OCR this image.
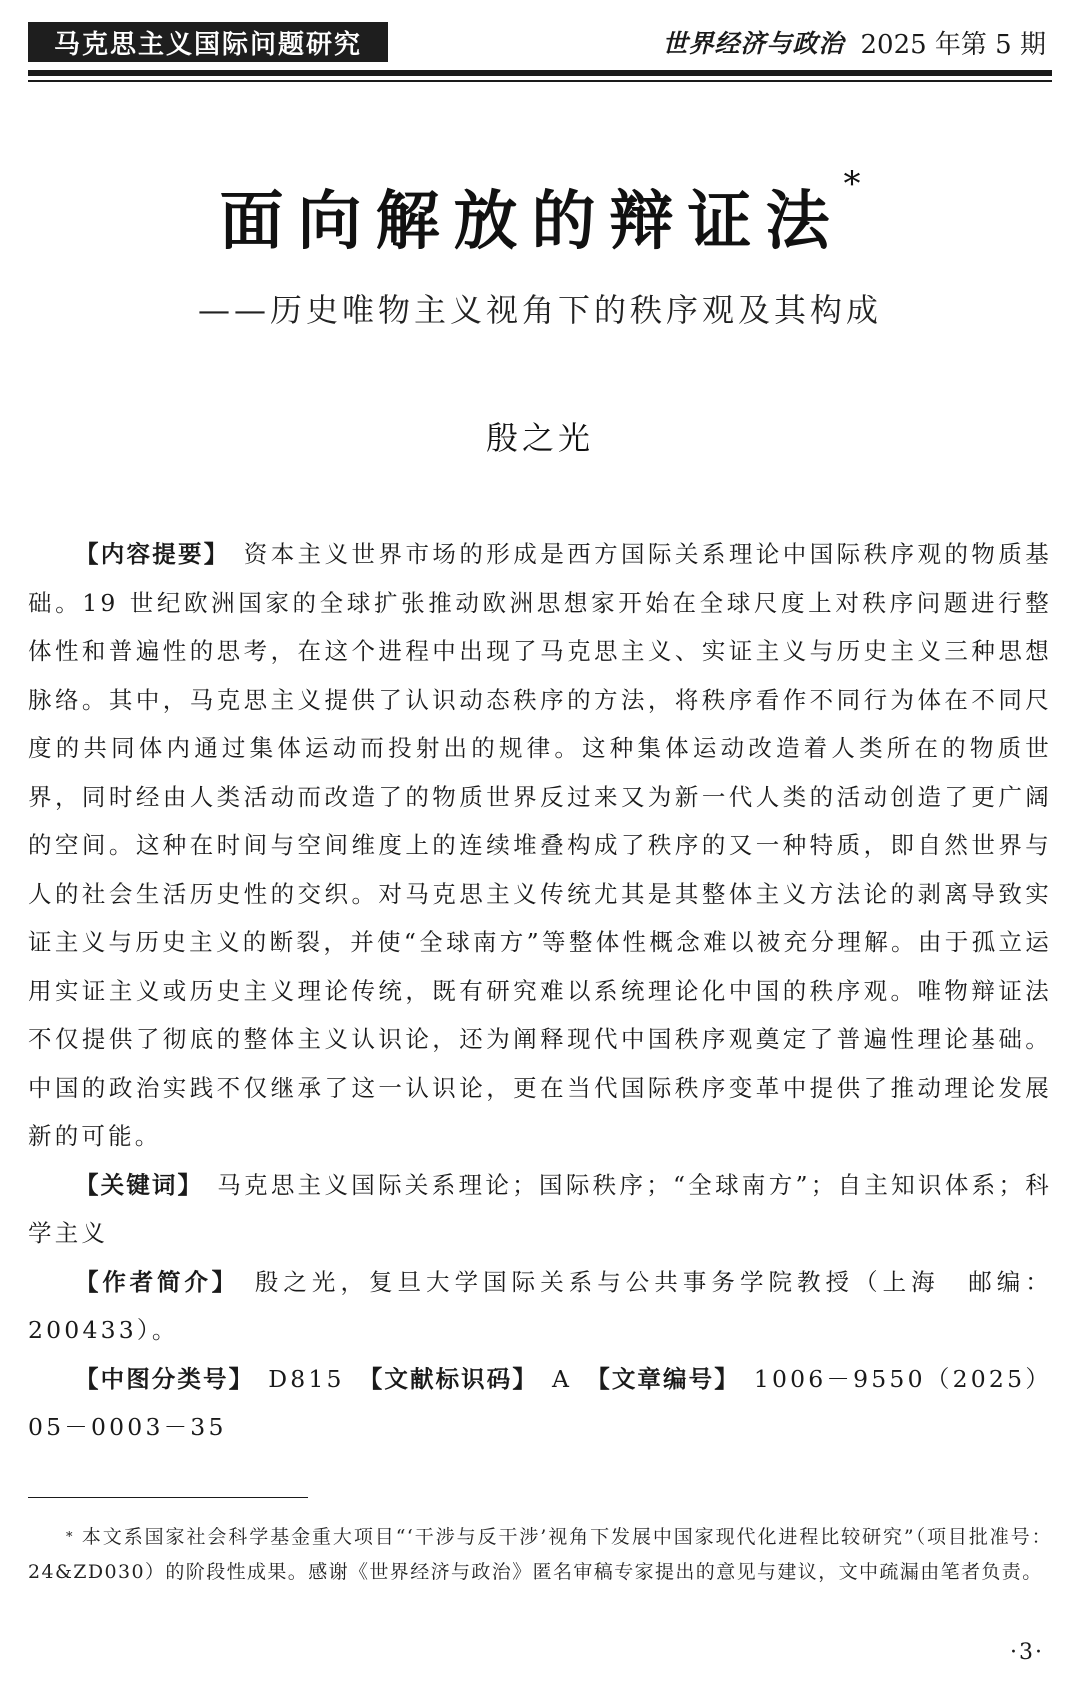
马克思主义国际问题研究	世界经济与政治 2025 年第 5 期
面向解放的辩证法*
——历史唯物主义视角下的秩序观及其构成
殷之光

【内容提要】 资本主义世界市场的形成是西方国际关系理论中国际秩序观的物质基础。19 世纪欧洲国家的全球扩张推动欧洲思想家开始在全球尺度上对秩序问题进行整体性和普遍性的思考，在这个进程中出现了马克思主义、实证主义与历史主义三种思想脉络。其中，马克思主义提供了认识动态秩序的方法，将秩序看作不同行为体在不同尺度的共同体内通过集体运动而投射出的规律。这种集体运动改造着人类所在的物质世界，同时经由人类活动而改造了的物质世界反过来又为新一代人类的活动创造了更广阔的空间。这种在时间与空间维度上的连续堆叠构成了秩序的又一种特质，即自然世界与人的社会生活历史性的交织。对马克思主义传统尤其是其整体主义方法论的剥离导致实证主义与历史主义的断裂，并使“全球南方”等整体性概念难以被充分理解。由于孤立运用实证主义或历史主义理论传统，既有研究难以系统理论化中国的秩序观。唯物辩证法不仅提供了彻底的整体主义认识论，还为阐释现代中国秩序观奠定了普遍性理论基础。中国的政治实践不仅继承了这一认识论，更在当代国际秩序变革中提供了推动理论发展新的可能。

【关键词】 马克思主义国际关系理论；国际秩序；“全球南方”；自主知识体系；科学主义

【作者简介】 殷之光，复旦大学国际关系与公共事务学院教授（上海　邮编：200433）。

【中图分类号】 D815 【文献标识码】 A 【文章编号】 1006－9550（2025）05－0003－35

* 本文系国家社会科学基金重大项目“‘干涉与反干涉’视角下发展中国家现代化进程比较研究”（项目批准号：24&ZD030）的阶段性成果。感谢《世界经济与政治》匿名审稿专家提出的意见与建议，文中疏漏由笔者负责。

·3·
